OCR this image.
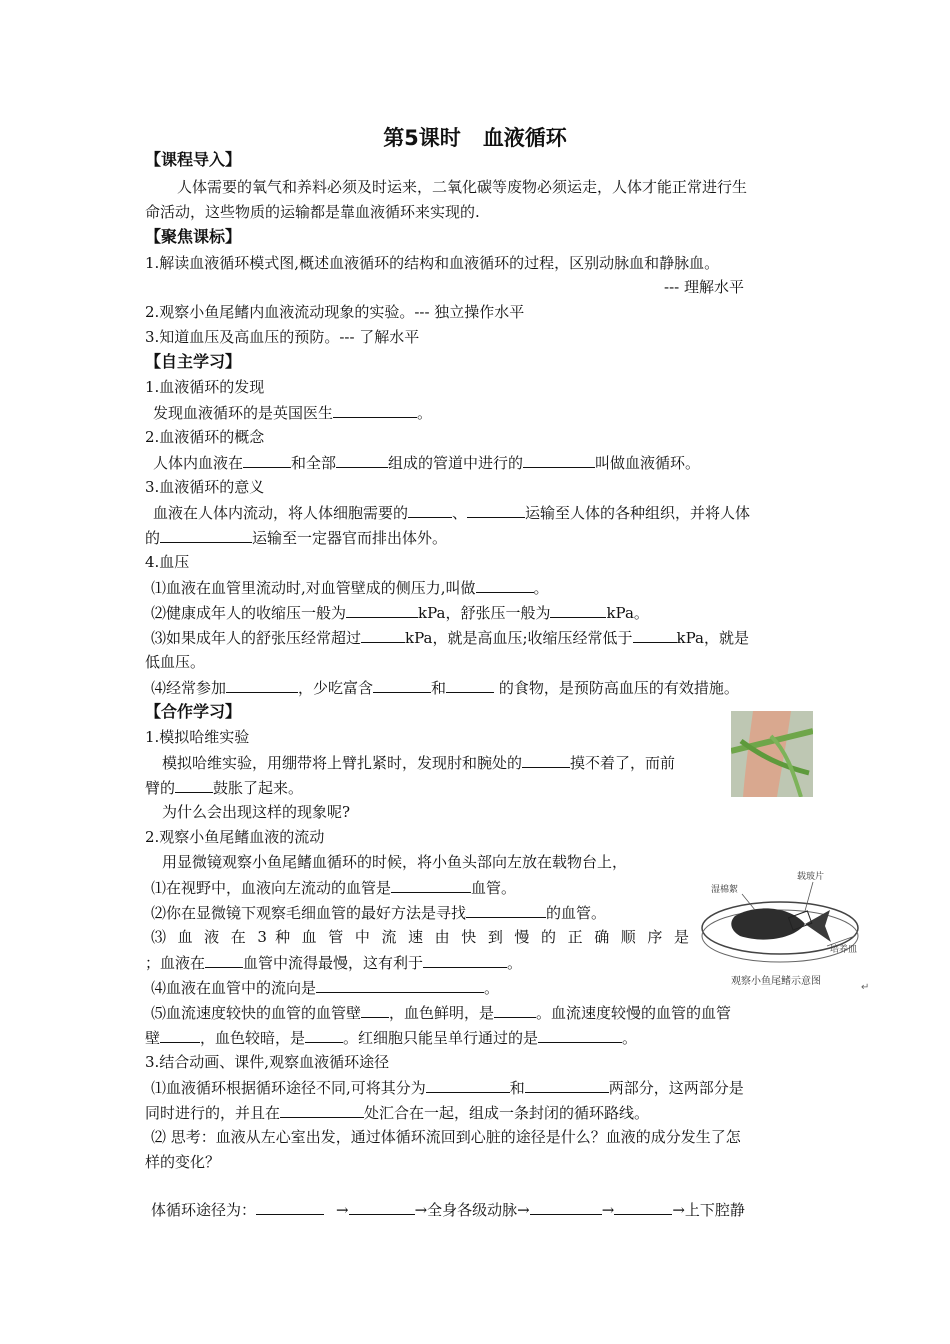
第5课时 血液循环
【课程导入】
人体需要的氧气和养料必须及时运来，二氧化碳等废物必须运走，人体才能正常进行生
命活动，这些物质的运输都是靠血液循环来实现的.
【聚焦课标】
1.解读血液循环模式图,概述血液循环的结构和血液循环的过程，区别动脉血和静脉血。
--- 理解水平
2.观察小鱼尾鳍内血液流动现象的实验。--- 独立操作水平
3.知道血压及高血压的预防。--- 了解水平
【自主学习】
1.血液循环的发现
发现血液循环的是英国医生	。
2.血液循环的概念
人体内血液在	和全部	组成的管道中进行的	叫做血液循环。
3.血液循环的意义
血液在人体内流动，将人体细胞需要的	、	运输至人体的各种组织，并将人体
的	运输至一定器官而排出体外。
4.血压
⑴血液在血管里流动时,对血管壁成的侧压力,叫做	。
⑵健康成年人的收缩压一般为	kPa，舒张压一般为	kPa。
⑶如果成年人的舒张压经常超过	kPa，就是高血压;收缩压经常低于	kPa，就是
低血压。
⑷经常参加	，少吃富含	和	的食物，是预防高血压的有效措施。
【合作学习】
1.模拟哈维实验
模拟哈维实验，用绷带将上臂扎紧时，发现肘和腕处的	摸不着了，而前
臂的	鼓胀了起来。
为什么会出现这样的现象呢?
2.观察小鱼尾鳍血液的流动
用显微镜观察小鱼尾鳍血循环的时候，将小鱼头部向左放在载物台上，
⑴在视野中，血液向左流动的血管是	血管。
⑵你在显微镜下观察毛细血管的最好方法是寻找	的血管。
⑶ 血 液 在 3 种 血 管 中 流 速 由 快 到 慢 的 正 确 顺 序 是
；血液在	血管中流得最慢，这有利于	。
⑷血液在血管中的流向是	。
⑸血流速度较快的血管的血管壁 ，血色鲜明，是	。血流速度较慢的血管的血管
壁	，血色较暗，是	。红细胞只能呈单行通过的是	。
湿棉絮
载玻片
培养皿
观察小鱼尾鳍示意图
↵
3.结合动画、课件,观察血液循环途径
⑴血液循环根据循环途径不同,可将其分为	和	两部分，这两部分是
同时进行的，并且在	处汇合在一起，组成一条封闭的循环路线。
⑵ 思考：血液从左心室出发，通过体循环流回到心脏的途径是什么？血液的成分发生了怎
样的变化？
体循环途径为：	→	→全身各级动脉→	→	→上下腔静
